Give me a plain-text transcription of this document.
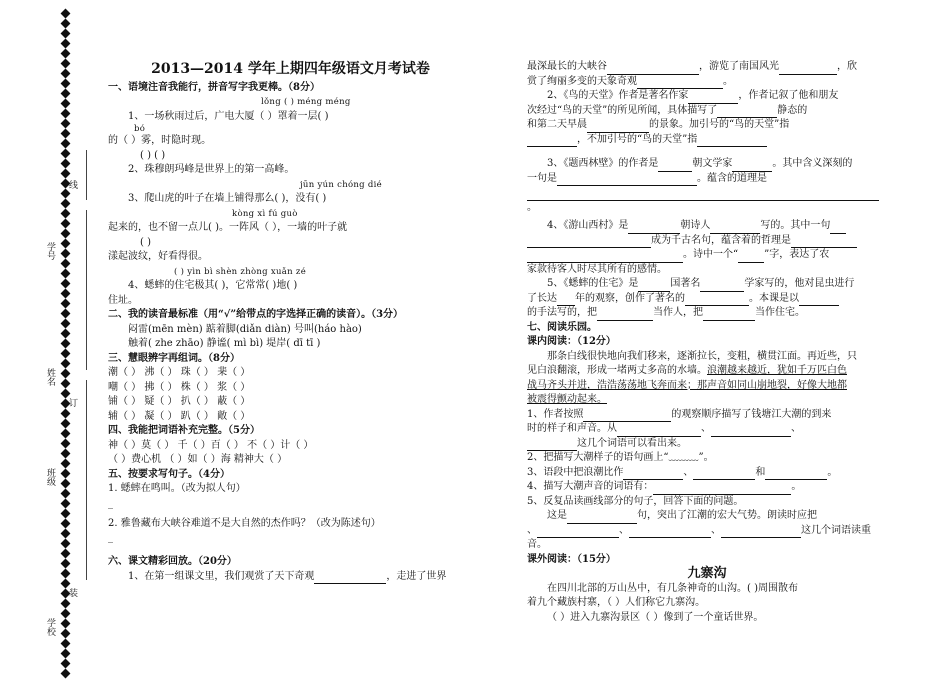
学校
班级
姓名
学号
装
订
线
2013—2014 学年上期四年级语文月考试卷
一、语境注音我能行，拼音写字我更棒。（8分）
lǒng ( ) méng méng
1、一场秋雨过后，广电大厦（ ）罩着一层( )
bó
的（ ）雾，时隐时现。
( ) ( )
2、珠穆朗玛峰是世界上的第一高峰。
jūn yún chóng dié
3、爬山虎的叶子在墙上铺得那么( )，没有( )
kòng xì fú guò
起来的，也不留一点儿( )。一阵风（ ），一墙的叶子就
( )
漾起波纹，好看得很。
( ) yìn bì shèn zhòng xuǎn zé
4、蟋蟀的住宅极其( )，它常常( )地( )
住址。
二、我的读音最标准（用“√”给带点的字选择正确的读音）。（3分）
闷雷(mēn mèn) 踮着脚(diǎn diàn) 号叫(háo hào)
触着( zhe zhāo) 静谧( mì bì) 堤岸( dī tī )
三、慧眼辨字再组词。（8分）
潮（ ） 沸（ ） 珠（ ） 棐（ ）
嘲（ ） 拂（ ） 株（ ） 浆（ ）
铺（ ） 疑（ ） 扒（ ） 蔽（ ）
辅（ ） 凝（ ） 趴（ ） 敞（ ）
四、我能把词语补充完整。（5分）
神（ ）莫（ ） 千（ ）百（ ） 不（ ）计（ ）
（ ）费心机 （ ）如（ ）海 精神大（ ）
五、按要求写句子。（4分）
1. 蟋蟀在鸣叫。（改为拟人句）
_
2. 雅鲁藏布大峡谷难道不是大自然的杰作吗？（改为陈述句）
_
六、课文精彩回放。（20分）
1、在第一组课文里，我们观赏了天下奇观	，走进了世界
最深最长的大峡谷	，游览了南国风光	，欣
赏了绚丽多变的天象奇观	。
2、《鸟的天堂》作者是著名作家	，作者记叙了他和朋友
次经过“鸟的天堂”的所见所闻，具体描写了	静态的
和第二天早晨	的景象。加引号的“鸟的天堂”指
，不加引号的“鸟的天堂”指
3、《题西林壁》的作者是	朝文学家	。其中含义深刻的
一句是	。蕴含的道理是
。
4、《游山西村》是	朝诗人	写的。其中一句
成为千古名句，蕴含着的哲理是
。诗中一个“	”字，表达了农
家款待客人时尽其所有的感情。
5、《蟋蟀的住宅》是	国著名	学家写的，他对昆虫进行
了长达 年的观察，创作了著名的	。本课是以
的手法写的，把	当作人，把	当作住宅。
七、阅读乐园。
课内阅读：（12分）
那条白线很快地向我们移来，逐渐拉长，变粗，横贯江面。再近些，只
见白浪翻滚，形成一堵两丈多高的水墙。浪潮越来越近，犹如千万匹白色
战马齐头并进，浩浩荡荡地飞奔而来；那声音如同山崩地裂，好像大地都
被震得颤动起来。
1、作者按照	的观察顺序描写了钱塘江大潮的到来
时的样子和声音。从	、	、
这几个词语可以看出来。
2、把描写大潮样子的语句画上“﹏﹏﹏”。
3、语段中把浪潮比作	、	和	。
4、描写大潮声音的词语有：	。
5、反复品读画线部分的句子，回答下面的问题。
这是	句，突出了江潮的宏大气势。朗读时应把
、	、	、	这几个词语读重
音。
课外阅读：（15分）
九寨沟
在四川北部的万山丛中，有几条神奇的山沟。( )周围散布
着九个藏族村寨，（ ）人们称它九寨沟。
（ ）进入九寨沟景区（ ）像到了一个童话世界。
